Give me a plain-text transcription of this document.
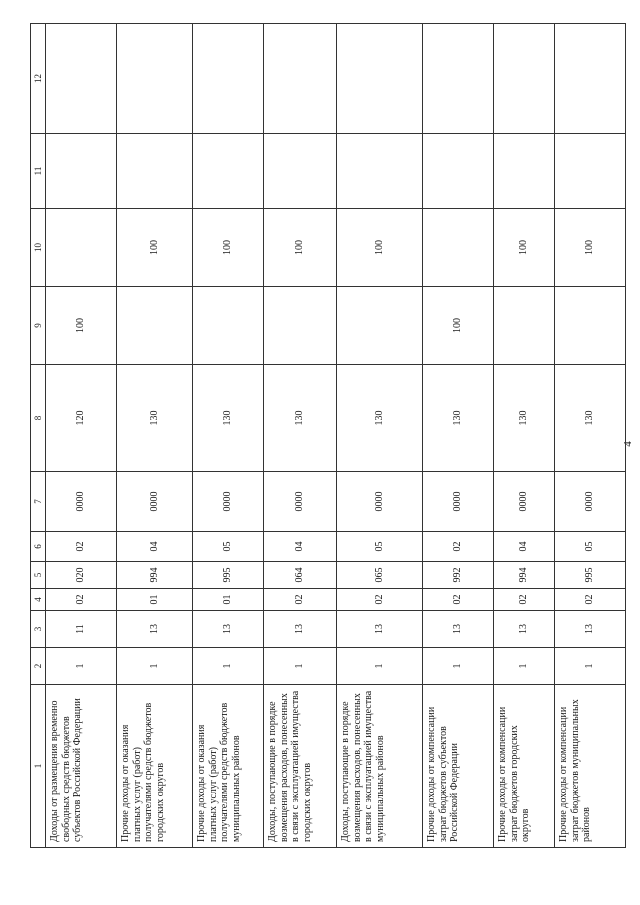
4
1	2	3	4	5	6	7	8	9	10	11	12
Доходы от размещения временно свободных средств бюджетов субъектов Российской Федерации	1	11	02	020	02	0000	120	100			
Прочие доходы от оказания платных услуг (работ) получателями средств бюджетов городских округов	1	13	01	994	04	0000	130		100		
Прочие доходы от оказания платных услуг (работ) получателями средств бюджетов муниципальных районов	1	13	01	995	05	0000	130		100		
Доходы, поступающие в порядке возмещения расходов, понесенных в связи с эксплуатацией имущества городских округов	1	13	02	064	04	0000	130		100		
Доходы, поступающие в порядке возмещения расходов, понесенных в связи с эксплуатацией имущества муниципальных районов	1	13	02	065	05	0000	130		100		
Прочие доходы от компенсации затрат бюджетов субъектов Российской Федерации	1	13	02	992	02	0000	130	100			
Прочие доходы от компенсации затрат бюджетов городских округов	1	13	02	994	04	0000	130		100		
Прочие доходы от компенсации затрат бюджетов муниципальных районов	1	13	02	995	05	0000	130		100		
